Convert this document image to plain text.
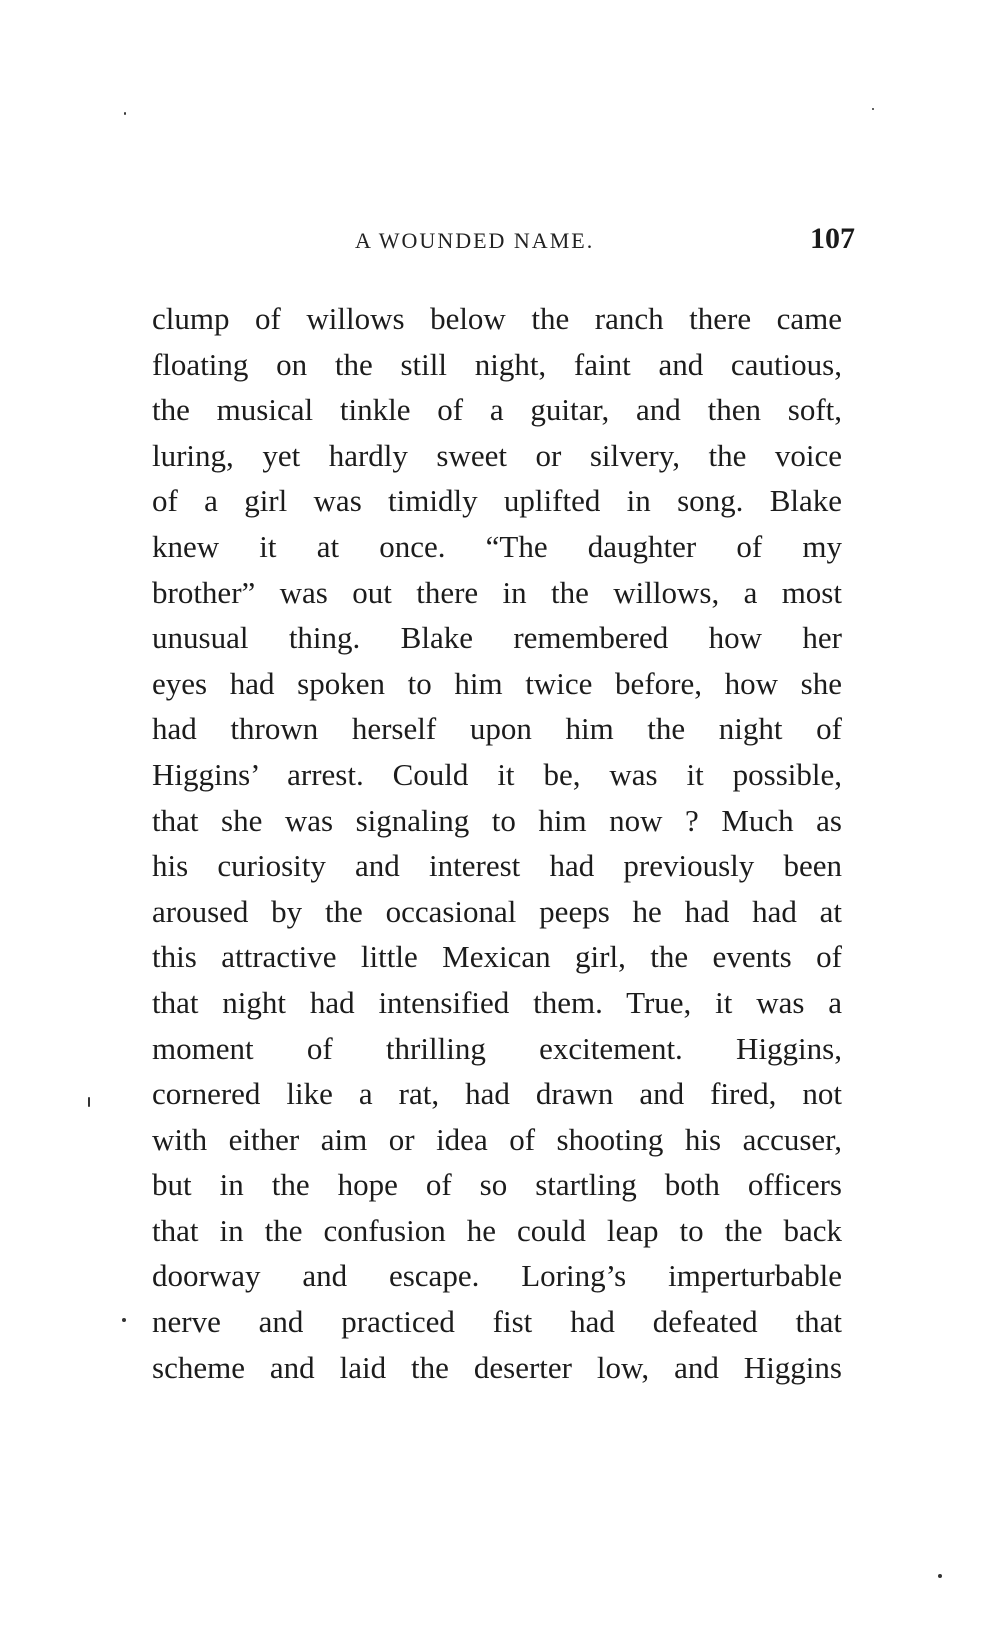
A WOUNDED NAME.	107
clump of willows below the ranch there came
floating on the still night, faint and cautious,
the musical tinkle of a guitar, and then soft,
luring, yet hardly sweet or silvery, the voice
of a girl was timidly uplifted in song. Blake
knew it at once. “The daughter of my
brother” was out there in the willows, a most
unusual thing. Blake remembered how her
eyes had spoken to him twice before, how she
had thrown herself upon him the night of
Higgins’ arrest. Could it be, was it possible,
that she was signaling to him now ? Much as
his curiosity and interest had previously been
aroused by the occasional peeps he had had at
this attractive little Mexican girl, the events of
that night had intensified them. True, it was a
moment of thrilling excitement. Higgins,
cornered like a rat, had drawn and fired, not
with either aim or idea of shooting his accuser,
but in the hope of so startling both officers
that in the confusion he could leap to the back
doorway and escape. Loring’s imperturbable
nerve and practiced fist had defeated that
scheme and laid the deserter low, and Higgins
